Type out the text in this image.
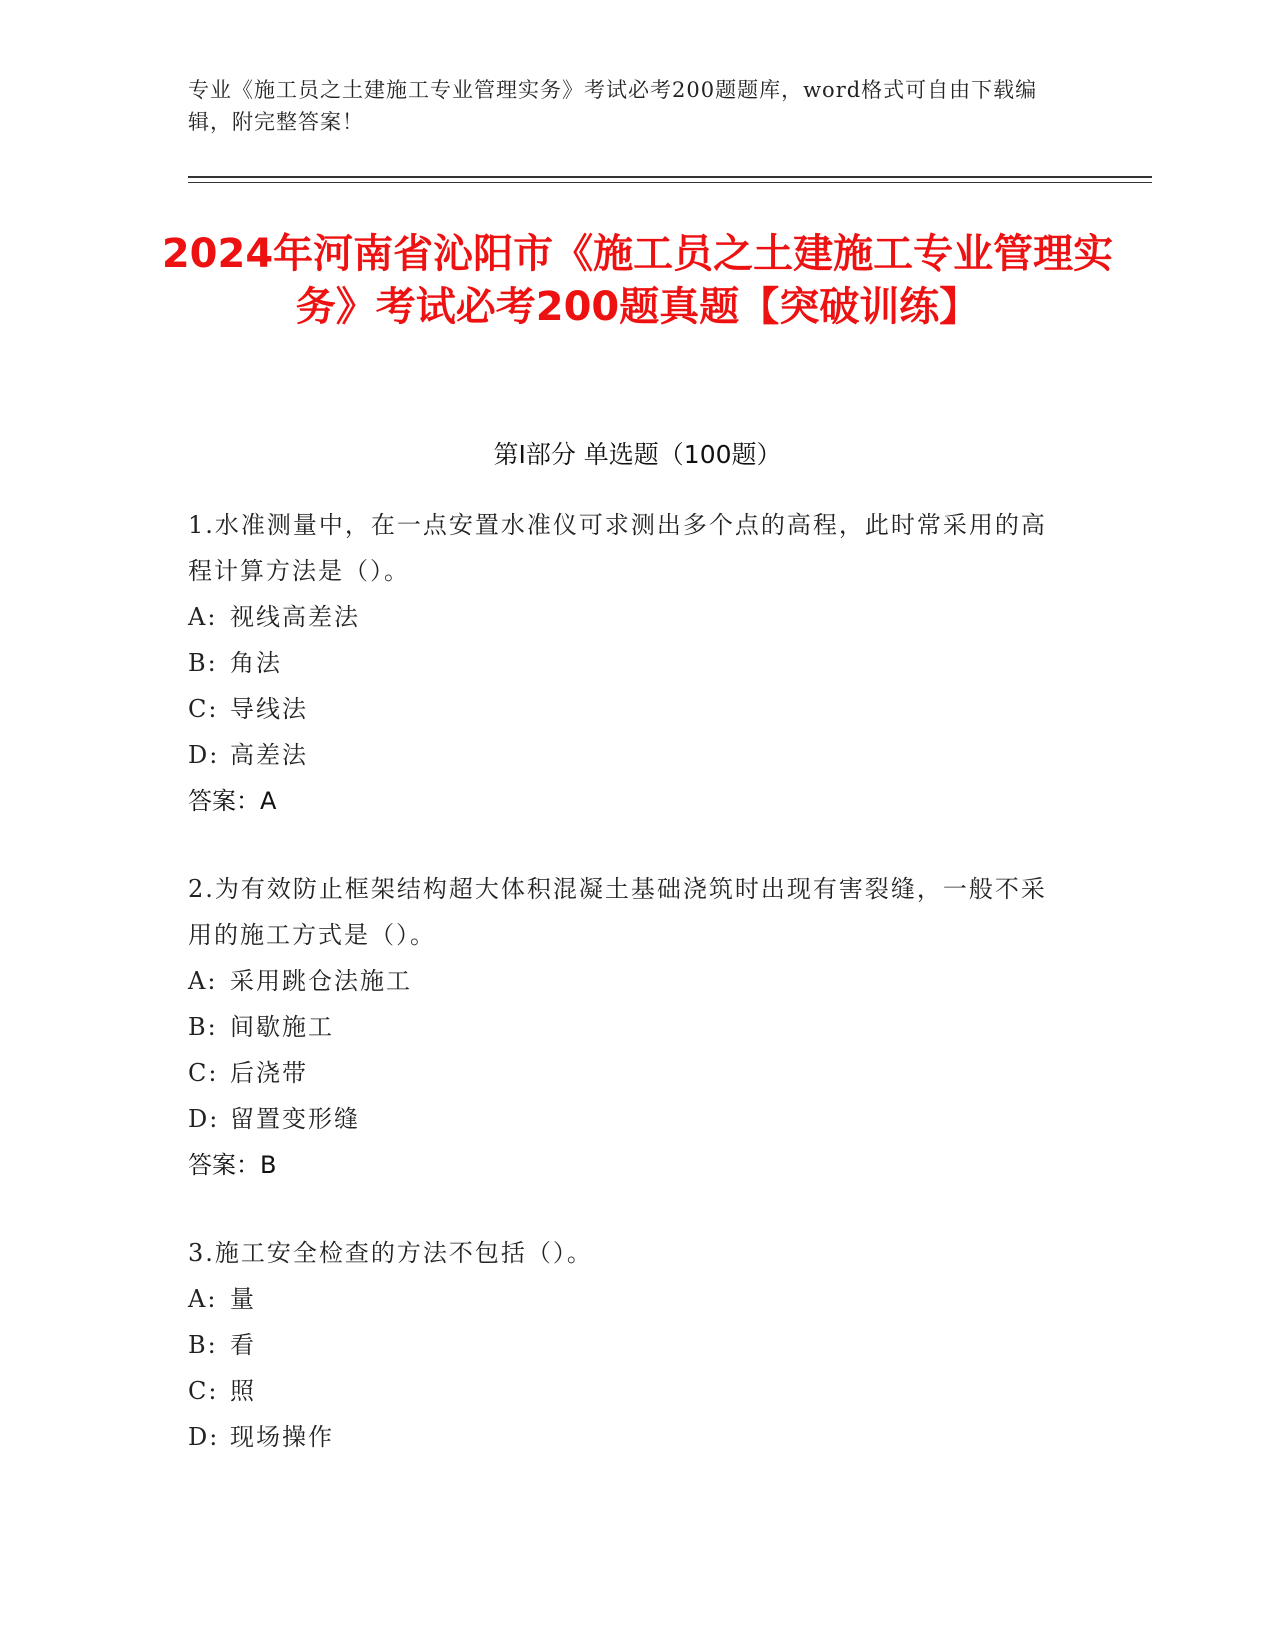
专业《施工员之土建施工专业管理实务》考试必考200题题库，word格式可自由下载编辑，附完整答案！
2024年河南省沁阳市《施工员之土建施工专业管理实务》考试必考200题真题【突破训练】
第I部分 单选题（100题）
1.水准测量中，在一点安置水准仪可求测出多个点的高程，此时常采用的高程计算方法是（）。
A: 视线高差法
B: 角法
C: 导线法
D: 高差法
答案：A
2.为有效防止框架结构超大体积混凝土基础浇筑时出现有害裂缝，一般不采用的施工方式是（）。
A: 采用跳仓法施工
B: 间歇施工
C: 后浇带
D: 留置变形缝
答案：B
3.施工安全检查的方法不包括（）。
A: 量
B: 看
C: 照
D: 现场操作
